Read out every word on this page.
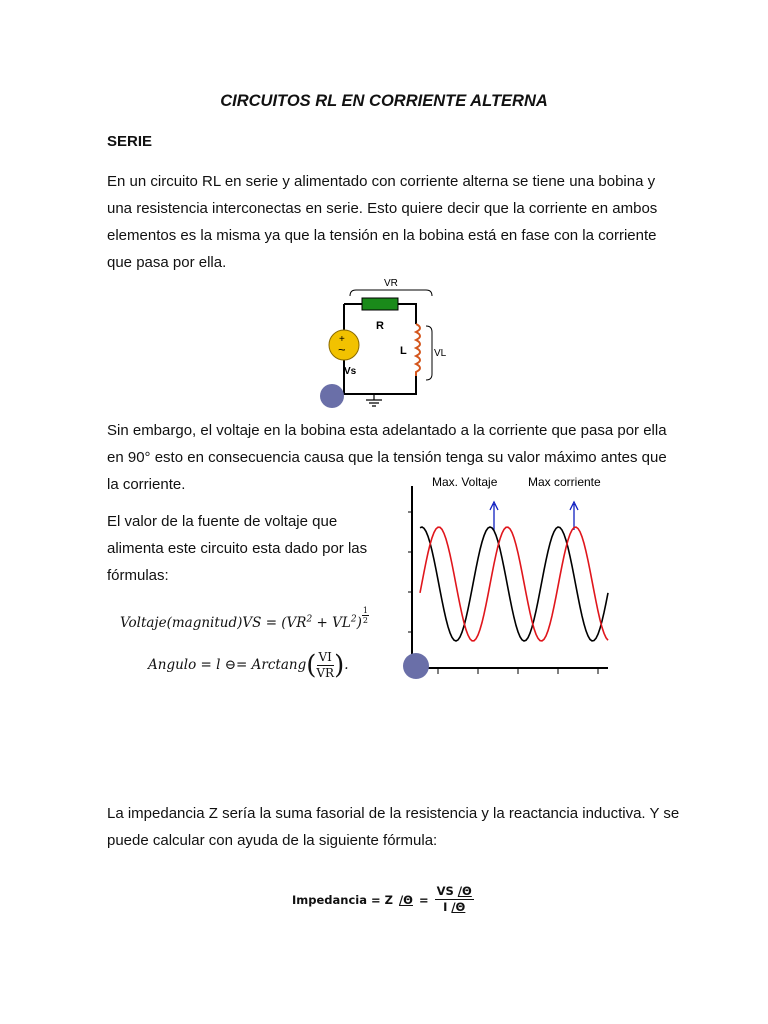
CIRCUITOS RL EN CORRIENTE ALTERNA
SERIE
En un circuito RL en serie y alimentado con corriente alterna se tiene una bobina y una resistencia interconectas en serie. Esto quiere decir que la corriente en ambos elementos es la misma ya que la tensión en la bobina está en fase con la corriente que pasa por ella.
VR
R
L	VL
+
~
Vs
Sin embargo, el voltaje en la bobina esta adelantado a la corriente que pasa por ella en 90° esto en consecuencia causa que la tensión tenga su valor máximo antes que la corriente.
El valor de la fuente de voltaje que alimenta este circuito esta dado por las fórmulas:
Voltaje(magnitud)VS = $(VR^2 + VL^2)$ $^{\frac{1}{2}}$
Angulo = l ⊖= $Arctang( \frac{VI}{VR}$ ).
Max. Voltaje	Max corriente
La impedancia Z sería la suma fasorial de la resistencia y la reactancia inductiva. Y se puede calcular con ayuda de la siguiente fórmula:
Impedancia = Z $/\Theta = \frac{VS /\Theta}{I /\Theta}$
